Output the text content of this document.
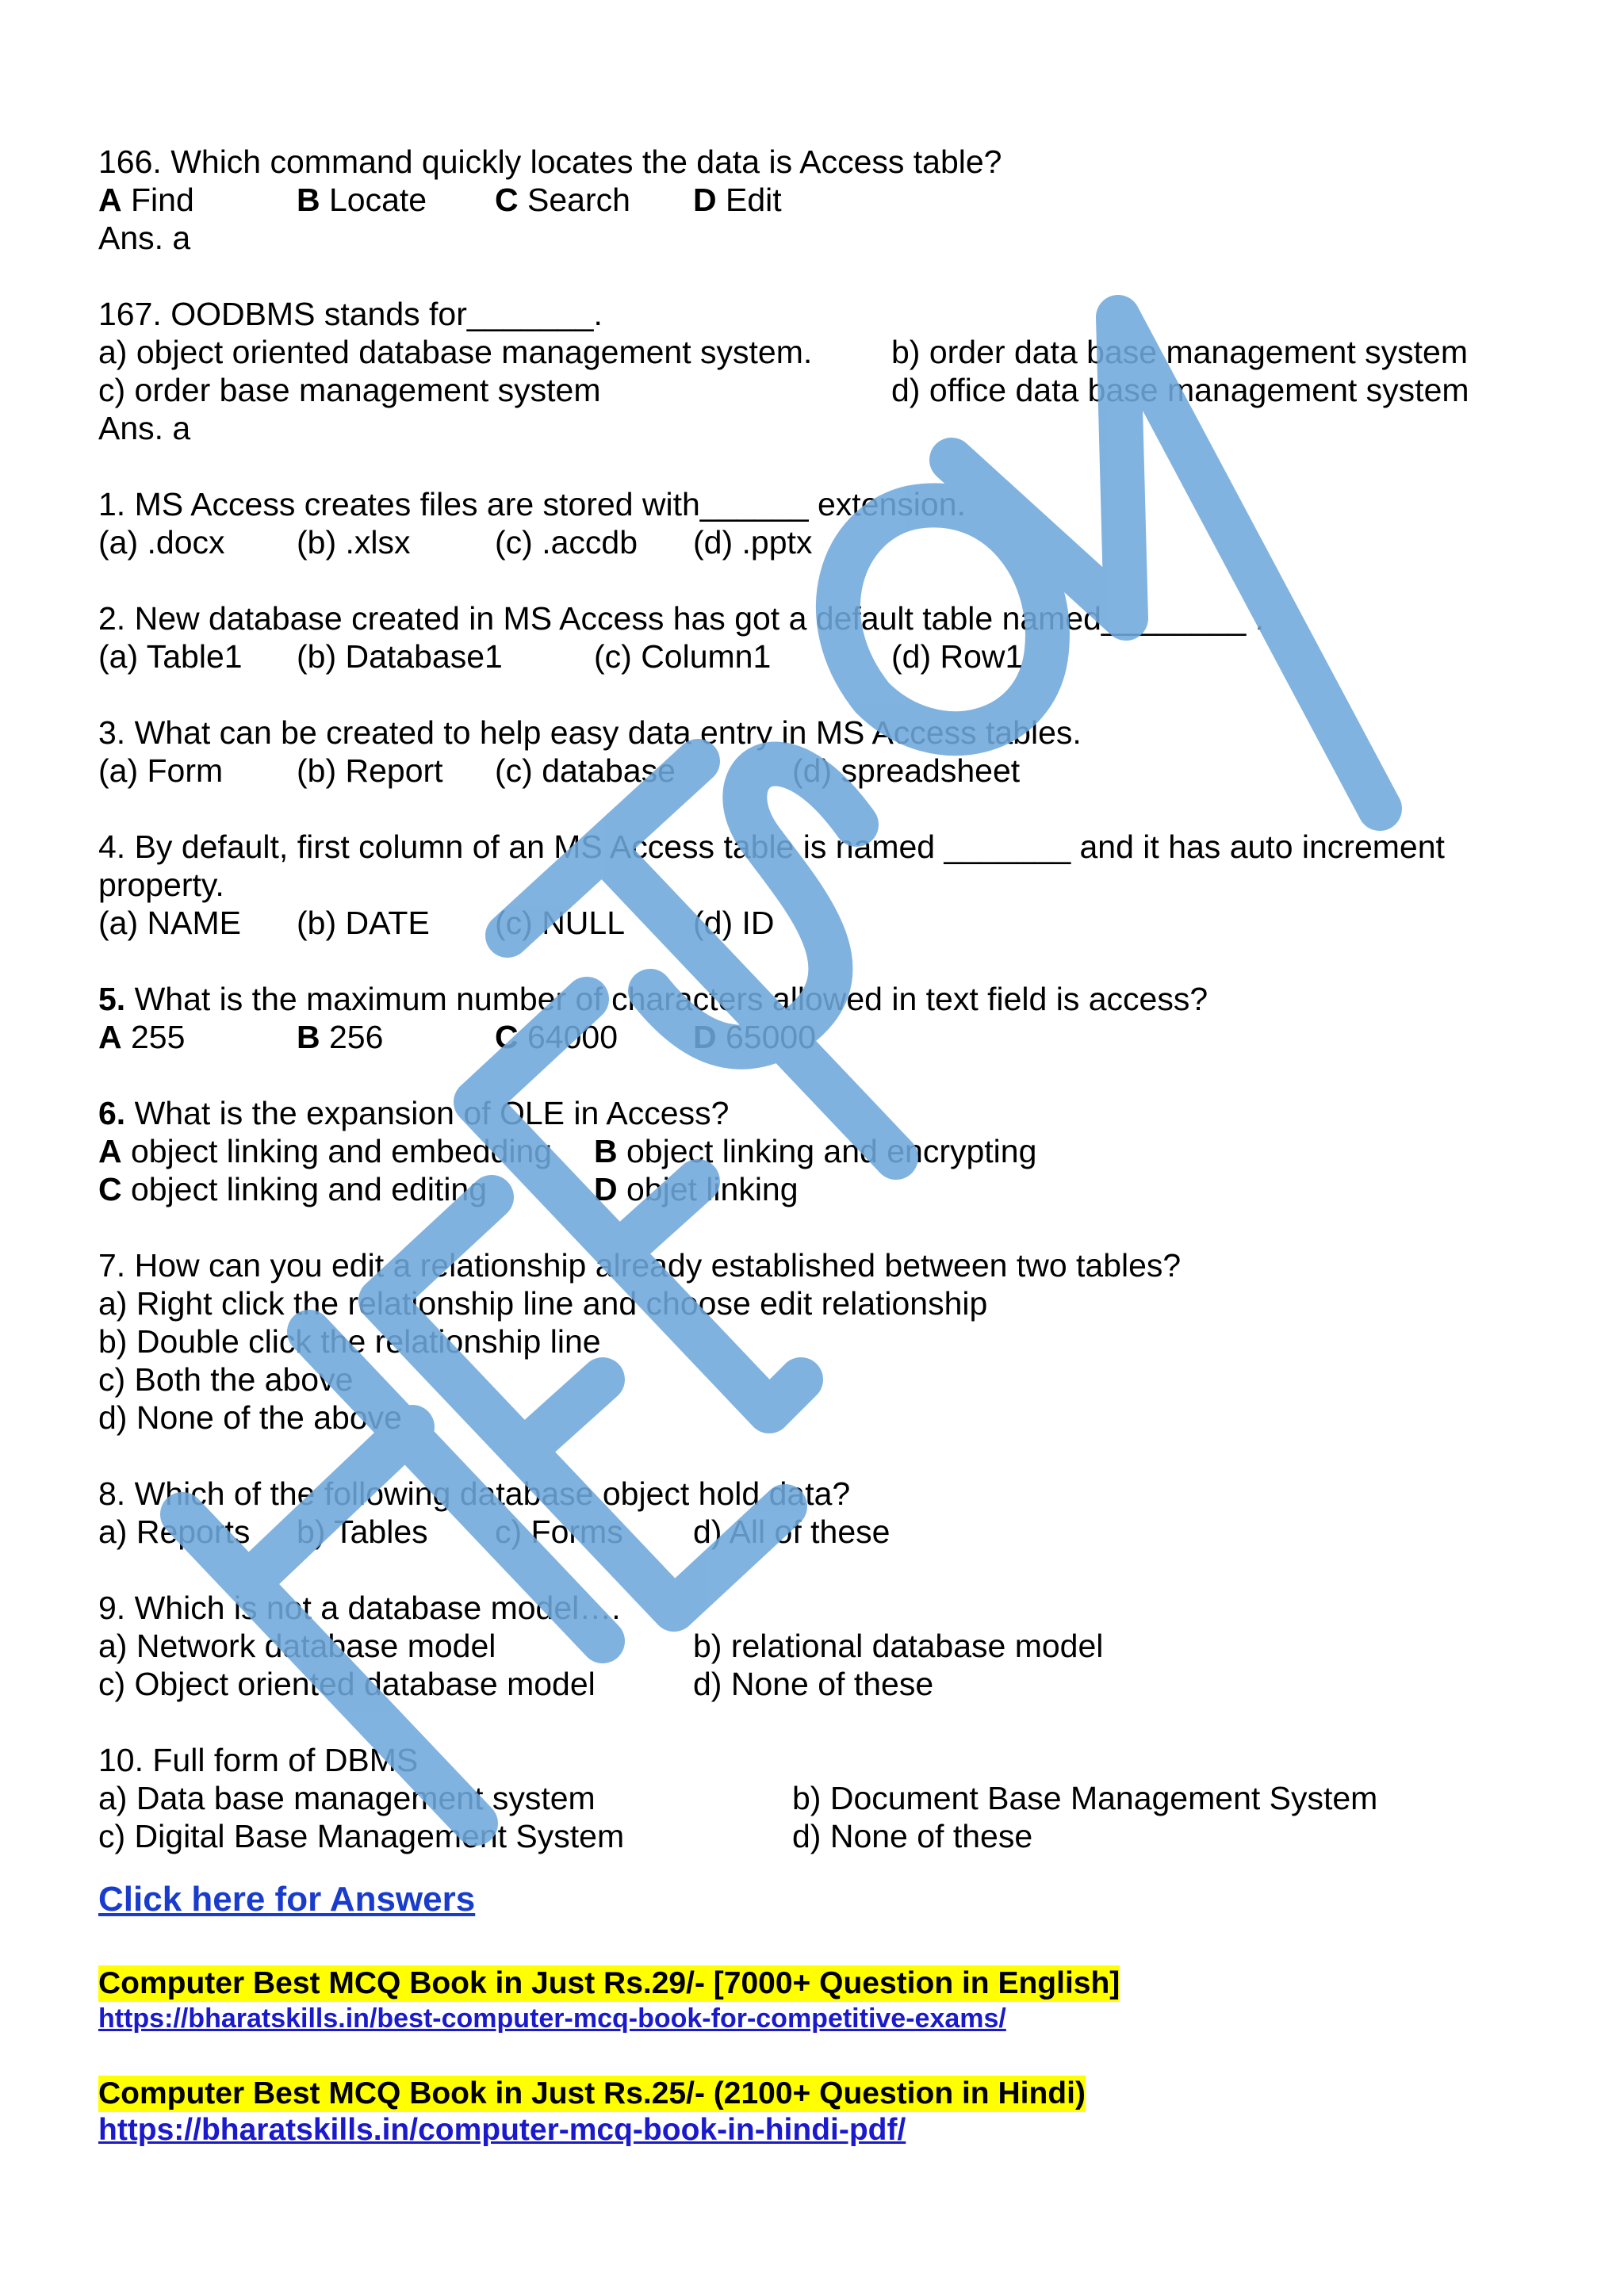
166. Which command quickly locates the data is Access table?
A Find	B Locate C Search D Edit
Ans. a
167. OODBMS stands for_______.
a) object oriented database management system. b) order data base management system
c) order base management system	d) office data base management system
Ans. a
1. MS Access creates files are stored with______ extension.
(a) .docx (b) .xlsx	(c) .accdb (d) .pptx
2. New database created in MS Access has got a default table named________ .
(a) Table1 (b) Database1	(c) Column1	(d) Row1
3. What can be created to help easy data entry in MS Access tables.
(a) Form (b) Report (c) database	(d) spreadsheet
4. By default, first column of an MS Access table is named _______ and it has auto increment property.
(a) NAME (b) DATE (c) NULL (d) ID
5. What is the maximum number of characters allowed in text field is access?
A 255	B 256	C 64000 D 65000
6. What is the expansion of OLE in Access?
A object linking and embedding B object linking and encrypting
C object linking and editing	D objet linking
7. How can you edit a relationship already established between two tables?
a) Right click the relationship line and choose edit relationship
b) Double click the relationship line
c) Both the above
d) None of the above
8. Which of the following database object hold data?
a) Reports b) Tables c) Forms d) All of these
9. Which is not a database model….
a) Network database model	b) relational database model
c) Object oriented database model	d) None of these
10. Full form of DBMS
a) Data base management system	b) Document Base Management System
c) Digital Base Management System	d) None of these
Click here for Answers
Computer Best MCQ Book in Just Rs.29/- [7000+ Question in English]
https://bharatskills.in/best-computer-mcq-book-for-competitive-exams/
Computer Best MCQ Book in Just Rs.25/- (2100+ Question in Hindi)
https://bharatskills.in/computer-mcq-book-in-hindi-pdf/
